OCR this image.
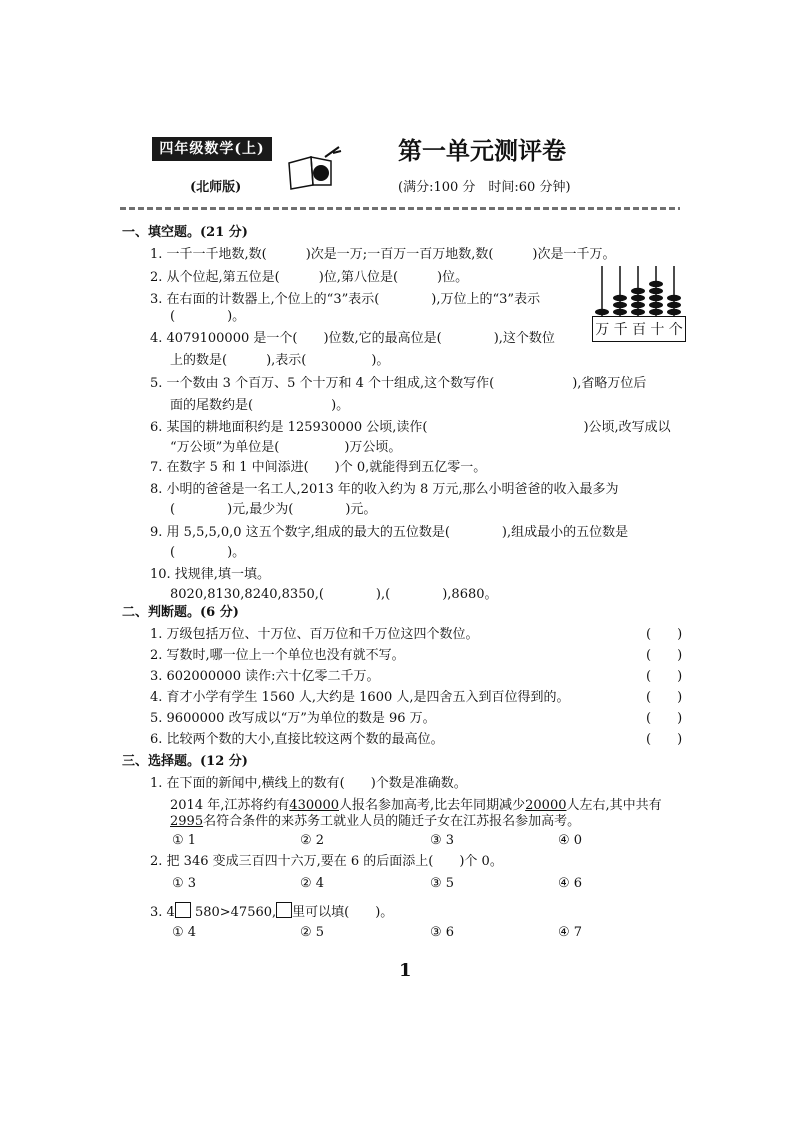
四年级数学(上)
(北师版)
第一单元测评卷
(满分:100 分　时间:60 分钟)
一、填空题。(21 分)
1. 一千一千地数,数(　　　)次是一万;一百万一百万地数,数(　　　)次是一千万。
2. 从个位起,第五位是(　　　)位,第八位是(　　　)位。
3. 在右面的计数器上,个位上的“3”表示(　　　　),万位上的“3”表示
(　　　　)。
4. 4079100000 是一个(　　)位数,它的最高位是(　　　　),这个数位
上的数是(　　　),表示(　　　　　)。
5. 一个数由 3 个百万、5 个十万和 4 个十组成,这个数写作(　　　　　　),省略万位后
面的尾数约是(　　　　　　)。
6. 某国的耕地面积约是 125930000 公顷,读作(　　　　　　　　　　　　)公顷,改写成以
“万公顷”为单位是(　　　　　)万公顷。
7. 在数字 5 和 1 中间添进(　　)个 0,就能得到五亿零一。
8. 小明的爸爸是一名工人,2013 年的收入约为 8 万元,那么小明爸爸的收入最多为
(　　　　)元,最少为(　　　　)元。
9. 用 5,5,5,0,0 这五个数字,组成的最大的五位数是(　　　　),组成最小的五位数是
(　　　　)。
10. 找规律,填一填。
8020,8130,8240,8350,(　　　　),(　　　　),8680。
万 千 百 十 个
二、判断题。(6 分)
1. 万级包括万位、十万位、百万位和千万位这四个数位。	(　　)
2. 写数时,哪一位上一个单位也没有就不写。	(　　)
3. 602000000 读作:六十亿零二千万。	(　　)
4. 育才小学有学生 1560 人,大约是 1600 人,是四舍五入到百位得到的。	(　　)
5. 9600000 改写成以“万”为单位的数是 96 万。	(　　)
6. 比较两个数的大小,直接比较这两个数的最高位。	(　　)
三、选择题。(12 分)
1. 在下面的新闻中,横线上的数有(　　)个数是准确数。
2014 年,江苏将约有430000人报名参加高考,比去年同期减少20000人左右,其中共有
2995名符合条件的来苏务工就业人员的随迁子女在江苏报名参加高考。
① 1	② 2	③ 3	④ 0
2. 把 346 变成三百四十六万,要在 6 的后面添上(　　)个 0。
① 3	② 4	③ 5	④ 6
3. 4 580>47560, 里可以填(　　)。
① 4	② 5	③ 6	④ 7
1
